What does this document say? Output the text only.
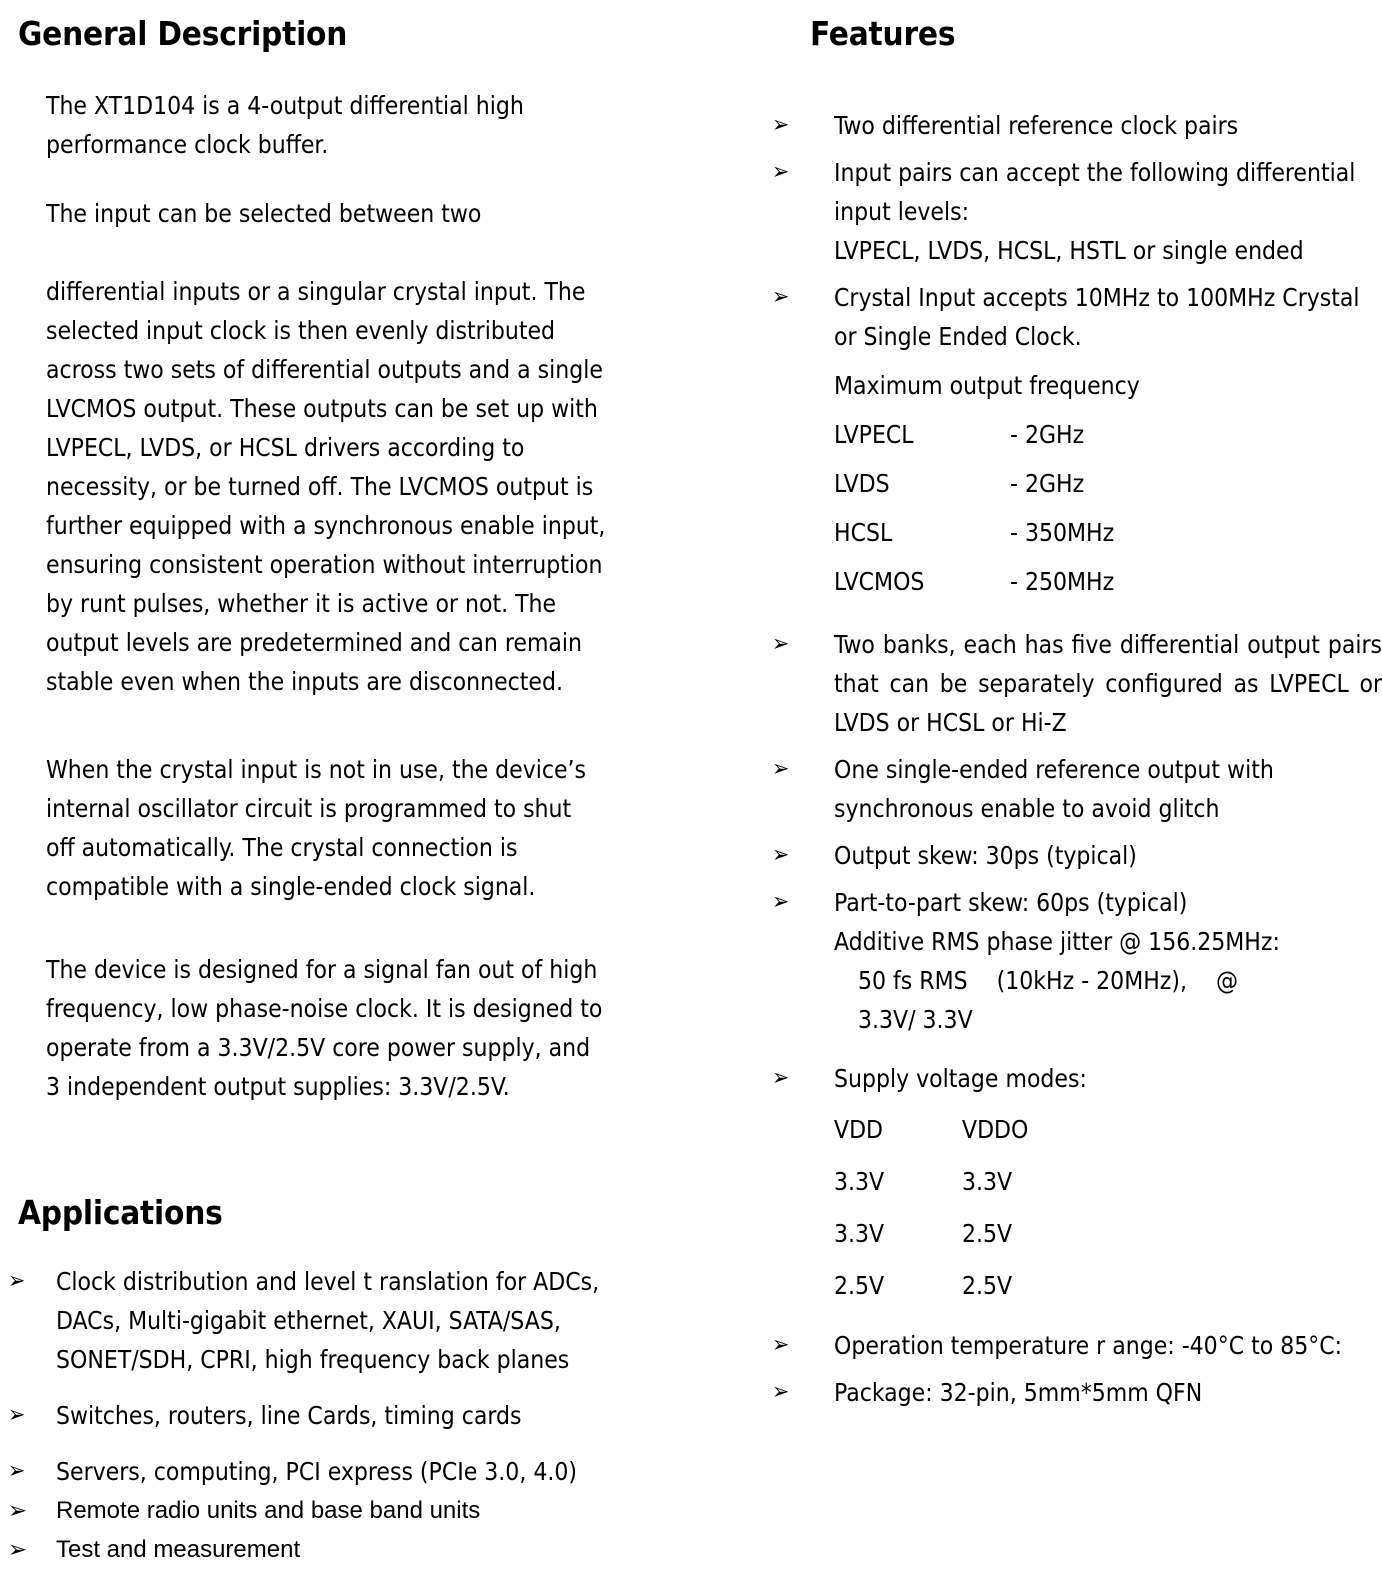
General Description
The XT1D104 is a 4-output differential high performance clock buffer.
The input can be selected between two
differential inputs or a singular crystal input. The selected input clock is then evenly distributed across two sets of differential outputs and a single LVCMOS output. These outputs can be set up with LVPECL, LVDS, or HCSL drivers according to necessity, or be turned off. The LVCMOS output is further equipped with a synchronous enable input, ensuring consistent operation without interruption by runt pulses, whether it is active or not. The output levels are predetermined and can remain stable even when the inputs are disconnected.
When the crystal input is not in use, the device’s internal oscillator circuit is programmed to shut off automatically. The crystal connection is compatible with a single-ended clock signal.
The device is designed for a signal fan out of high frequency, low phase-noise clock. It is designed to operate from a 3.3V/2.5V core power supply, and 3 independent output supplies: 3.3V/2.5V.
Applications
➢	Clock distribution and level t ranslation for ADCs, DACs, Multi-gigabit ethernet, XAUI, SATA/SAS, SONET/SDH, CPRI, high frequency back planes
➢	Switches, routers, line Cards, timing cards
➢	Servers, computing, PCI express (PCIe 3.0, 4.0)
➢ Remote radio units and base band units
➢ Test and measurement
Features
➢	Two differential reference clock pairs
➢	Input pairs can accept the following differential input levels:
LVPECL, LVDS, HCSL, HSTL or single ended
➢	Crystal Input accepts 10MHz to 100MHz Crystal or Single Ended Clock.
Maximum output frequency
LVPECL	- 2GHz
LVDS	- 2GHz
HCSL	- 350MHz
LVCMOS	- 250MHz
➢	Two banks, each has five differential output pairs that can be separately configured as LVPECL or LVDS or HCSL or Hi-Z
➢	One single-ended reference output with synchronous enable to avoid glitch
➢	Output skew: 30ps (typical)
➢	Part-to-part skew: 60ps (typical)
Additive RMS phase jitter @ 156.25MHz:
50 fs RMS  (10kHz - 20MHz),  @
3.3V/ 3.3V
➢	Supply voltage modes:
VDD	VDDO
3.3V	3.3V
3.3V	2.5V
2.5V	2.5V
➢	Operation temperature r ange: -40°C to 85°C:
➢	Package: 32-pin, 5mm*5mm QFN
